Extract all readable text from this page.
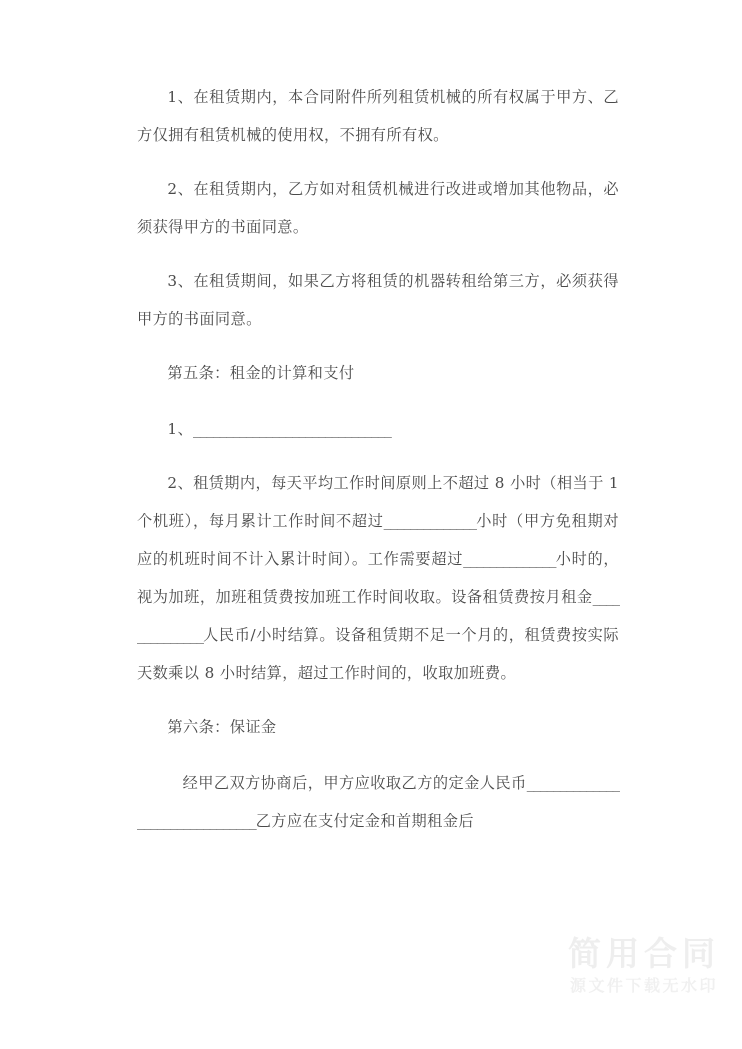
1、在租赁期内，本合同附件所列租赁机械的所有权属于甲方、乙方仅拥有租赁机械的使用权，不拥有所有权。

2、在租赁期内，乙方如对租赁机械进行改进或增加其他物品，必须获得甲方的书面同意。

3、在租赁期间，如果乙方将租赁的机器转租给第三方，必须获得甲方的书面同意。

第五条：租金的计算和支付

1、______________________________

2、租赁期内，每天平均工作时间原则上不超过 8 小时（相当于 1 个机班），每月累计工作时间不超过______________小时（甲方免租期对应的机班时间不计入累计时间）。工作需要超过______________小时的，视为加班，加班租赁费按加班工作时间收取。设备租赁费按月租金______________人民币/小时结算。设备租赁期不足一个月的，租赁费按实际天数乘以 8 小时结算，超过工作时间的，收取加班费。

第六条：保证金

经甲乙双方协商后，甲方应收取乙方的定金人民币________________________________乙方应在支付定金和首期租金后

简用合同
源文件下载无水印
